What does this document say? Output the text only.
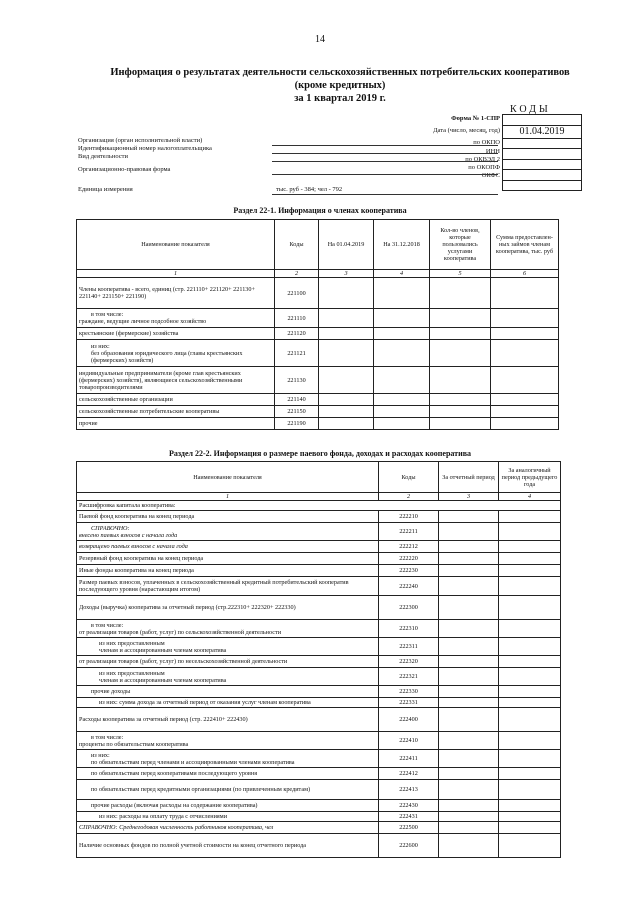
14
Информация о результатах деятельности сельскохозяйственных потребительских кооперативов
(кроме кредитных)
за 1 квартал 2019 г.
КОДЫ

01.04.2019

Форма № 1-СПР
Дата (число, месяц, год)
по ОКПО
ИНН
по ОКВЭД 2
по ОКОПФ
ОКФС
Организация (орган исполнительной власти)
Идентификационный номер налогоплательщика
Вид деятельности
Организационно-правовая форма
Единица измерения	тыс. руб - 384; чел - 792
Раздел 22-1. Информация о членах кооператива
Наименование показателя	Коды	На 01.04.2019	На 31.12.2018	Кол-во членов, которые пользовались услугами кооператива	Сумма предоставлен-ных займов членам кооператива, тыс. руб
1	2	3	4	5	6
Члены кооператива - всего, единиц (стр. 221110+ 221120+ 221130+ 221140+ 221150+ 221190)	221100				

в том числе:
граждане, ведущие личное подсобное хозяйство	221110				
крестьянские (фермерские) хозяйства	221120				

из них:
без образования юридического лица (главы крестьянских (фермерских) хозяйств)	221121				
индивидуальные предприниматели (кроме глав крестьянских (фермерских) хозяйств), являющиеся сельскохозяйственными товаропроизводителями	221130				
сельскохозяйственные организации	221140				
сельскохозяйственные потребительские кооперативы	221150				
прочие	221190				
Раздел 22-2. Информация о размере паевого фонда, доходах и расходах кооператива
Наименование показателя	Коды	За отчетный период	За аналогичный период предыдущего года
1	2	3	4
Расшифровка капитала кооператива:			
Паевой фонд кооператива на конец периода	222210		

СПРАВОЧНО:
внесено паевых взносов с начала года	222211		
возвращено паевых взносов с начала года	222212		
Резервный фонд кооператива на конец периода	222220		
Иные фонды кооператива на конец периода	222230		
Размер паевых взносов, уплаченных в сельскохозяйственный кредитный потребительский кооператив последующего уровня (нарастающим итогом)	222240		
Доходы (выручка) кооператива за отчетный период (стр.222310+ 222320+ 222330)	222300		

в том числе:
от реализации товаров (работ, услуг) по сельскохозяйственной деятельности	222310		

из них предоставленным
членам и ассоциированным членам кооператива	222311		
от реализации товаров (работ, услуг) по несельскохозяйственной деятельности	222320		

из них предоставленным
членам и ассоциированным членам кооператива	222321		

прочие доходы	222330		

из них: сумма дохода за отчетный период от оказания услуг членам кооператива	222331		
Расходы кооператива за отчетный период (стр. 222410+ 222430)	222400		

в том числе:
проценты по обязательствам кооператива	222410		

из них:
по обязательствам перед членами и ассоциированными членами кооператива	222411		

по обязательствам перед кооперативами последующего уровня	222412		

по обязательствам перед кредитными организациями (по привлеченным кредитам)	222413		

прочие расходы (включая расходы на содержание кооператива)	222430		

из них: расходы на оплату труда с отчислениями	222431		
СПРАВОЧНО: Среднегодовая численность работников кооператива, чел	222500		
Наличие основных фондов по полной учетной стоимости на конец отчетного периода	222600		
